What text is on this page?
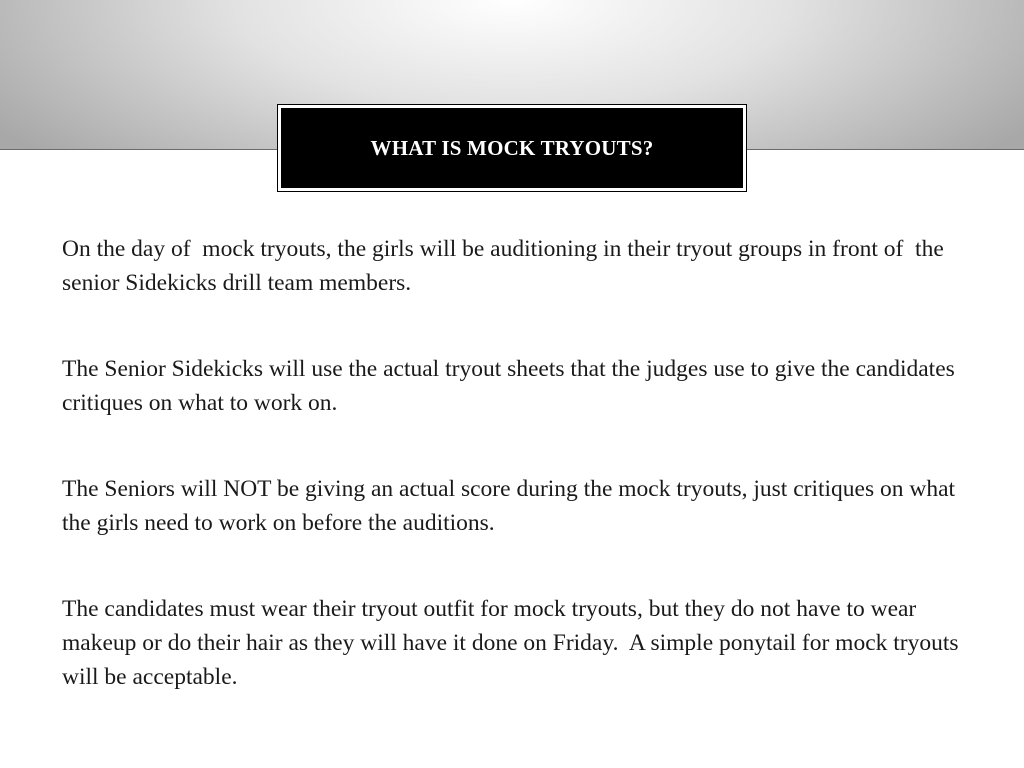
WHAT IS MOCK TRYOUTS?

On the day of  mock tryouts, the girls will be auditioning in their tryout groups in front of  the senior Sidekicks drill team members.

The Senior Sidekicks will use the actual tryout sheets that the judges use to give the candidates critiques on what to work on.

The Seniors will NOT be giving an actual score during the mock tryouts, just critiques on what the girls need to work on before the auditions.

The candidates must wear their tryout outfit for mock tryouts, but they do not have to wear makeup or do their hair as they will have it done on Friday.  A simple ponytail for mock tryouts will be acceptable.
